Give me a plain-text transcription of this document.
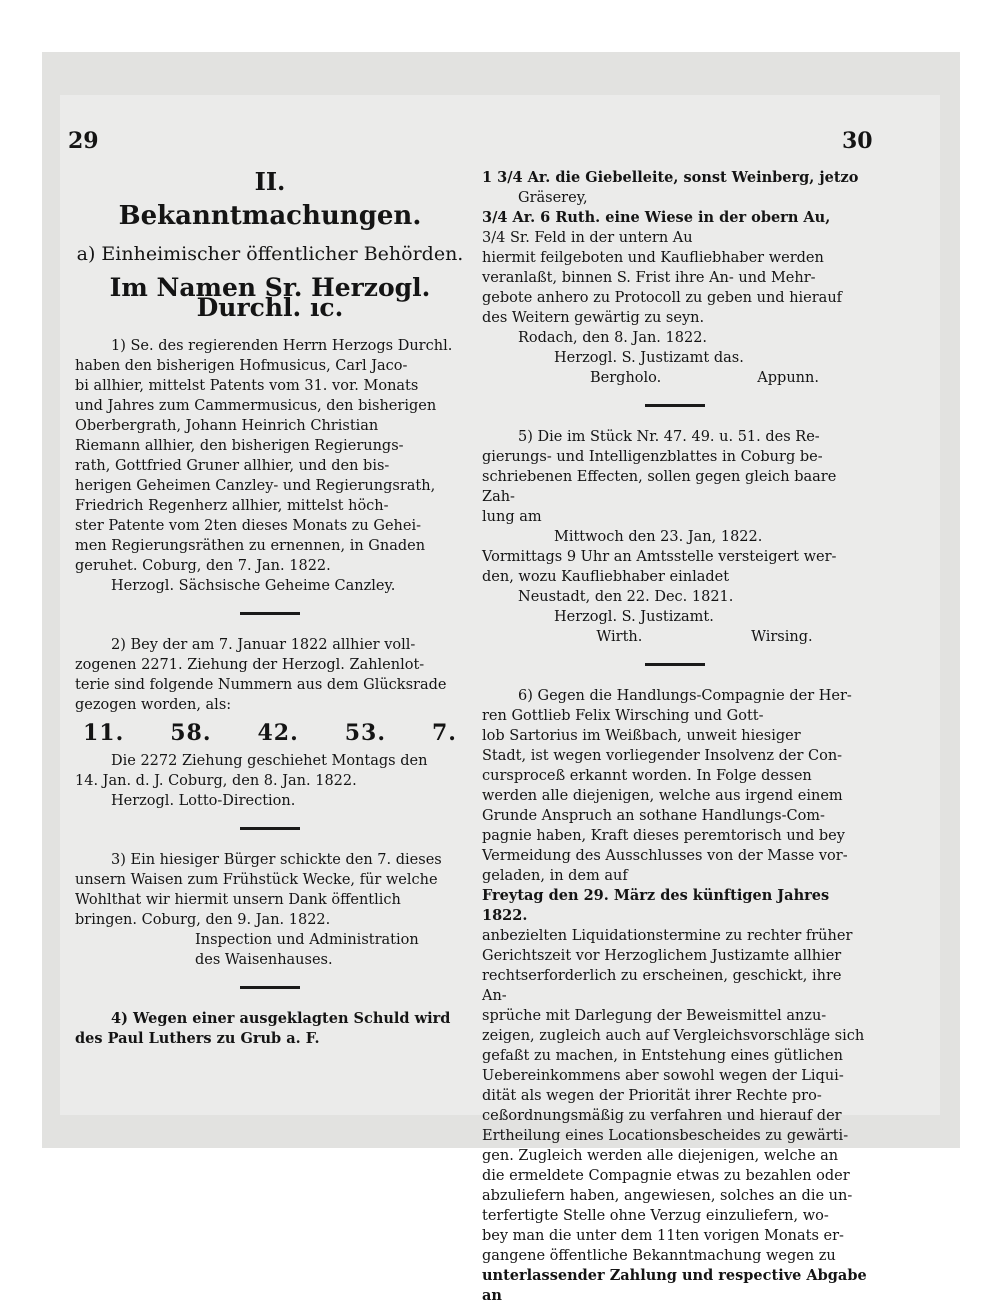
29	30
II.
Bekanntmachungen.
a) Einheimischer öffentlicher Behörden.
Im Namen Sr. Herzogl. Durchl. ıc.
1) Se. des regierenden Herrn Herzogs Durchl.
haben den bisherigen Hofmusicus, Carl Jaco-
bi allhier, mittelst Patents vom 31. vor. Monats
und Jahres zum Cammermusicus, den bisherigen
Oberbergrath, Johann Heinrich Christian
Riemann allhier, den bisherigen Regierungs-
rath, Gottfried Gruner allhier, und den bis-
herigen Geheimen Canzley- und Regierungsrath,
Friedrich Regenherz allhier, mittelst höch-
ster Patente vom 2ten dieses Monats zu Gehei-
men Regierungsräthen zu ernennen, in Gnaden
geruhet. Coburg, den 7. Jan. 1822.
Herzogl. Sächsische Geheime Canzley.
2) Bey der am 7. Januar 1822 allhier voll-
zogenen 2271. Ziehung der Herzogl. Zahlenlot-
terie sind folgende Nummern aus dem Glücksrade
gezogen worden, als:
11. 58. 42. 53. 7.
Die 2272 Ziehung geschiehet Montags den
14. Jan. d. J. Coburg, den 8. Jan. 1822.
Herzogl. Lotto-Direction.
3) Ein hiesiger Bürger schickte den 7. dieses
unsern Waisen zum Frühstück Wecke, für welche
Wohlthat wir hiermit unsern Dank öffentlich
bringen. Coburg, den 9. Jan. 1822.
Inspection und Administration
des Waisenhauses.
4) Wegen einer ausgeklagten Schuld wird
des Paul Luthers zu Grub a. F.
1 3/4 Ar. die Giebelleite, sonst Weinberg, jetzo
Gräserey,
3/4 Ar. 6 Ruth. eine Wiese in der obern Au,
3/4 Sr. Feld in der untern Au
hiermit feilgeboten und Kaufliebhaber werden
veranlaßt, binnen S. Frist ihre An- und Mehr-
gebote anhero zu Protocoll zu geben und hierauf
des Weitern gewärtig zu seyn.
Rodach, den 8. Jan. 1822.
Herzogl. S. Justizamt das.
Bergholo.	Appunn.
5) Die im Stück Nr. 47. 49. u. 51. des Re-
gierungs- und Intelligenzblattes in Coburg be-
schriebenen Effecten, sollen gegen gleich baare Zah-
lung am
Mittwoch den 23. Jan, 1822.
Vormittags 9 Uhr an Amtsstelle versteigert wer-
den, wozu Kaufliebhaber einladet
Neustadt, den 22. Dec. 1821.
Herzogl. S. Justizamt.
Wirth.	Wirsing.
6) Gegen die Handlungs-Compagnie der Her-
ren Gottlieb Felix Wirsching und Gott-
lob Sartorius im Weißbach, unweit hiesiger
Stadt, ist wegen vorliegender Insolvenz der Con-
cursproceß erkannt worden. In Folge dessen
werden alle diejenigen, welche aus irgend einem
Grunde Anspruch an sothane Handlungs-Com-
pagnie haben, Kraft dieses peremtorisch und bey
Vermeidung des Ausschlusses von der Masse vor-
geladen, in dem auf
Freytag den 29. März des künftigen Jahres 1822.
anbezielten Liquidationstermine zu rechter früher
Gerichtszeit vor Herzoglichem Justizamte allhier
rechtserforderlich zu erscheinen, geschickt, ihre An-
sprüche mit Darlegung der Beweismittel anzu-
zeigen, zugleich auch auf Vergleichsvorschläge sich
gefaßt zu machen, in Entstehung eines gütlichen
Uebereinkommens aber sowohl wegen der Liqui-
dität als wegen der Priorität ihrer Rechte pro-
ceßordnungsmäßig zu verfahren und hierauf der
Ertheilung eines Locationsbescheides zu gewärti-
gen. Zugleich werden alle diejenigen, welche an
die ermeldete Compagnie etwas zu bezahlen oder
abzuliefern haben, angewiesen, solches an die un-
terfertigte Stelle ohne Verzug einzuliefern, wo-
bey man die unter dem 11ten vorigen Monats er-
gangene öffentliche Bekanntmachung wegen zu
unterlassender Zahlung und respective Abgabe an
